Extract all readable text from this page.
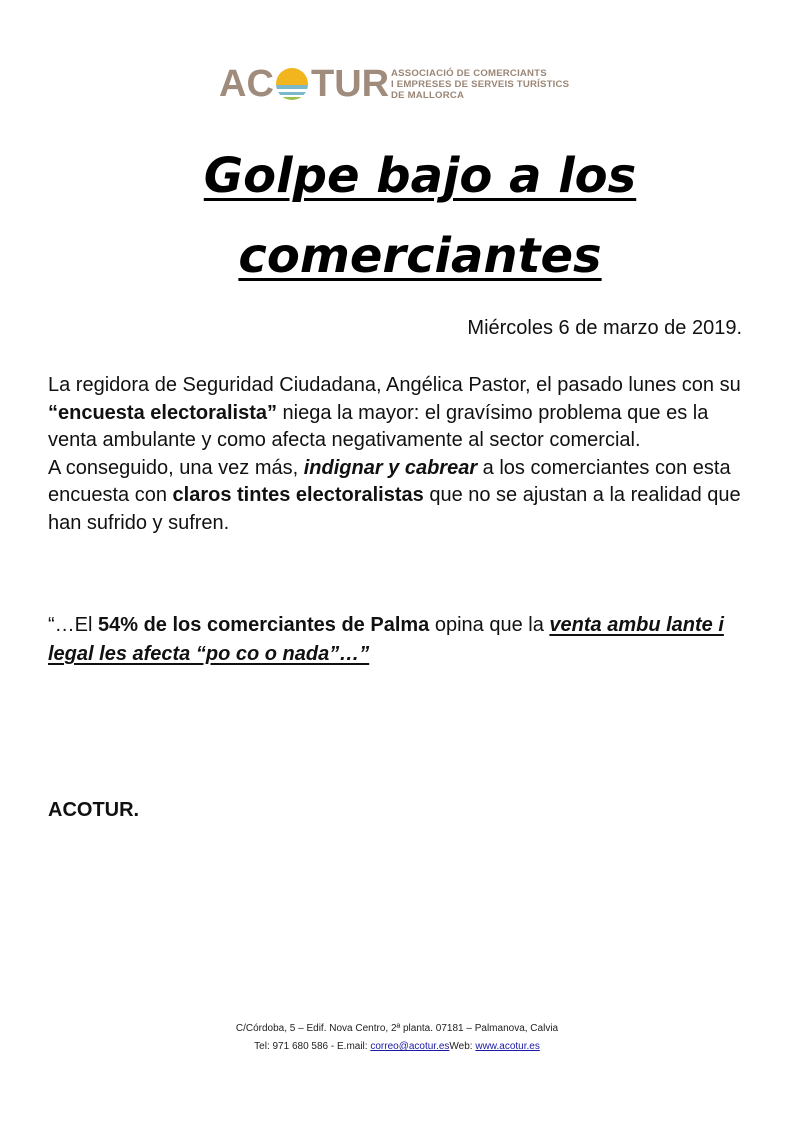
AC TUR ASSOCIACIÓ DE COMERCIANTS
I EMPRESES DE SERVEIS TURÍSTICS
DE MALLORCA
Golpe bajo a los
comerciantes
Miércoles 6 de marzo de 2019.

La regidora de Seguridad Ciudadana, Angélica Pastor, el pasado lunes con su “encuesta electoralista” niega la mayor: el gravísimo problema que es la venta ambulante y como afecta negativamente al sector comercial.

A conseguido, una vez más, indignar y cabrear a los comerciantes con esta encuesta con claros tintes electoralistas que no se ajustan a la realidad que han sufrido y sufren.

“…El 54% de los comerciantes de Palma opina que la venta ambu lante i legal les afecta “po co o nada”…”
ACOTUR.
C/Córdoba, 5 – Edif. Nova Centro, 2ª planta. 07181 – Palmanova, Calvia
Tel: 971 680 586 - E.mail: correo@acotur.esWeb: www.acotur.es
